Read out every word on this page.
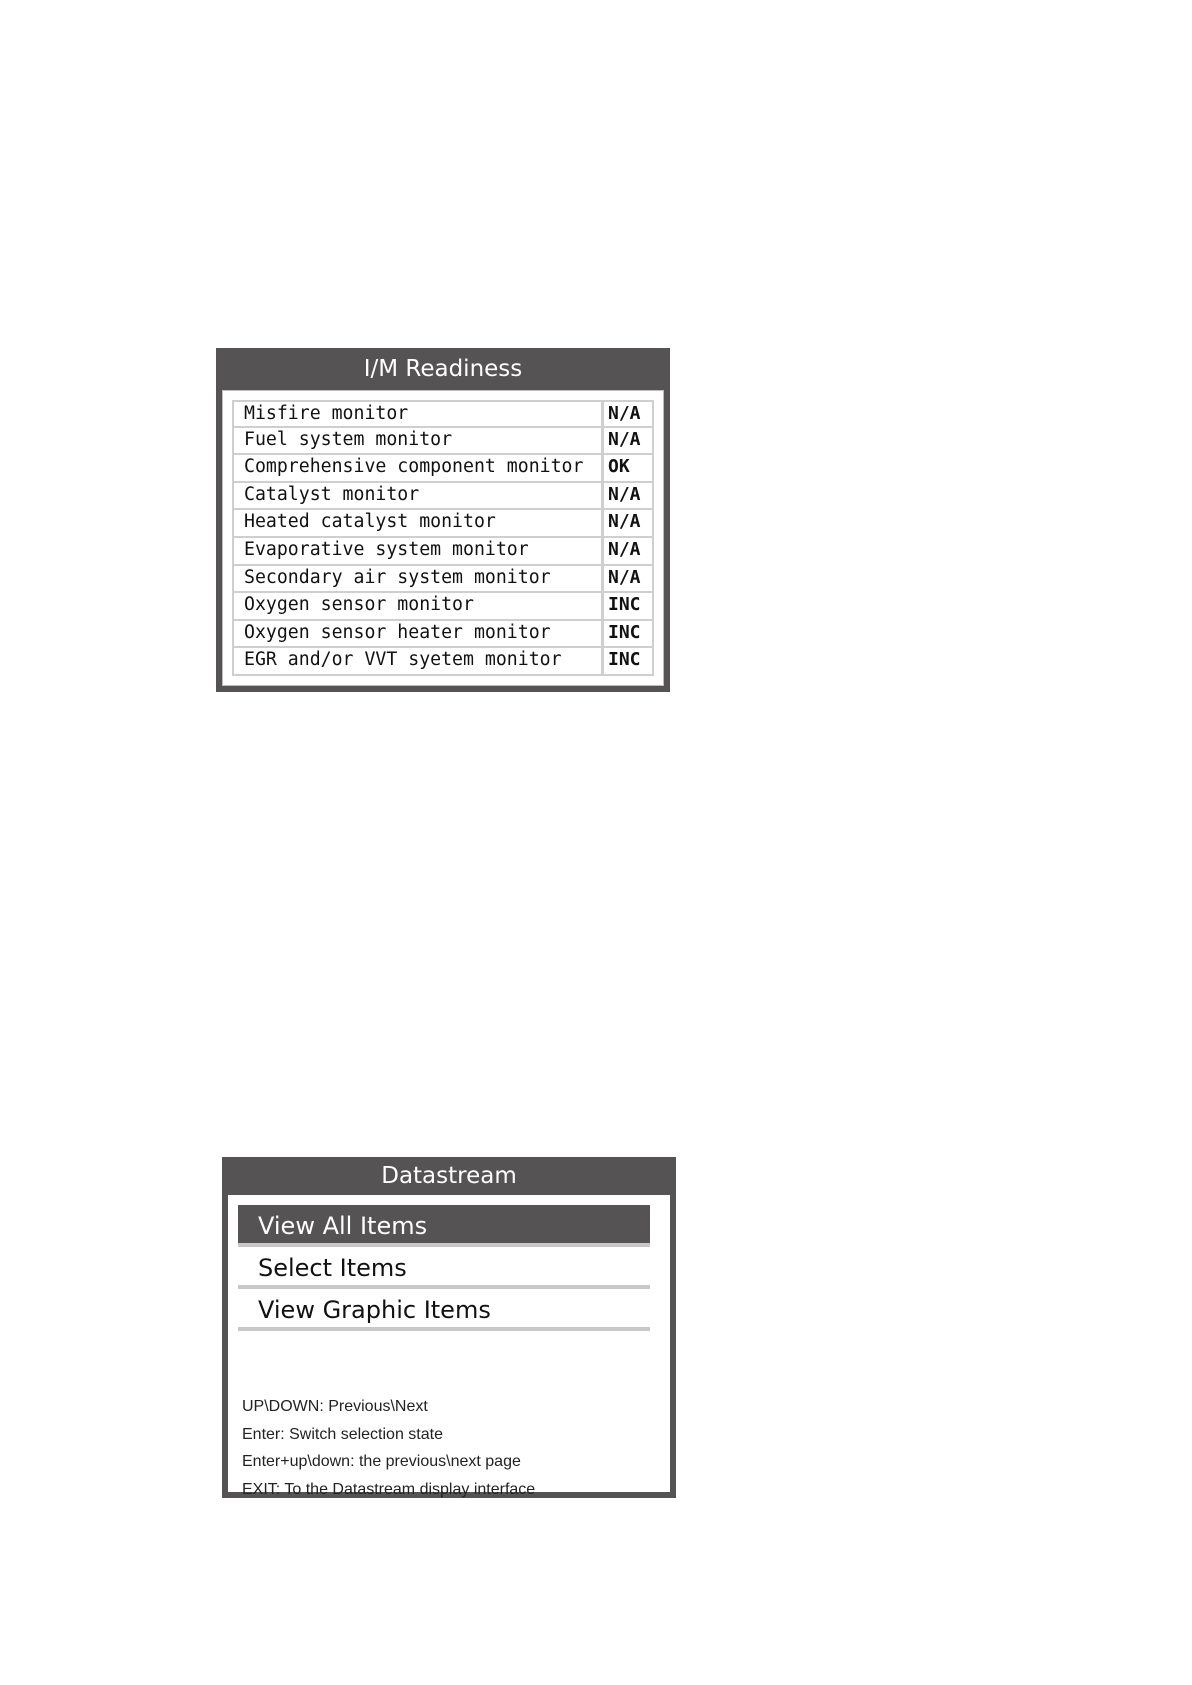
I/M Readiness
Misfire monitor	N/A
Fuel system monitor	N/A
Comprehensive component monitor	OK
Catalyst monitor	N/A
Heated catalyst monitor	N/A
Evaporative system monitor	N/A
Secondary air system monitor	N/A
Oxygen sensor monitor	INC
Oxygen sensor heater monitor	INC
EGR and/or VVT syetem monitor	INC
Datastream
View All Items
Select Items
View Graphic Items
UP\DOWN: Previous\Next
Enter: Switch selection state
Enter+up\down: the previous\next page
EXIT: To the Datastream display interface
